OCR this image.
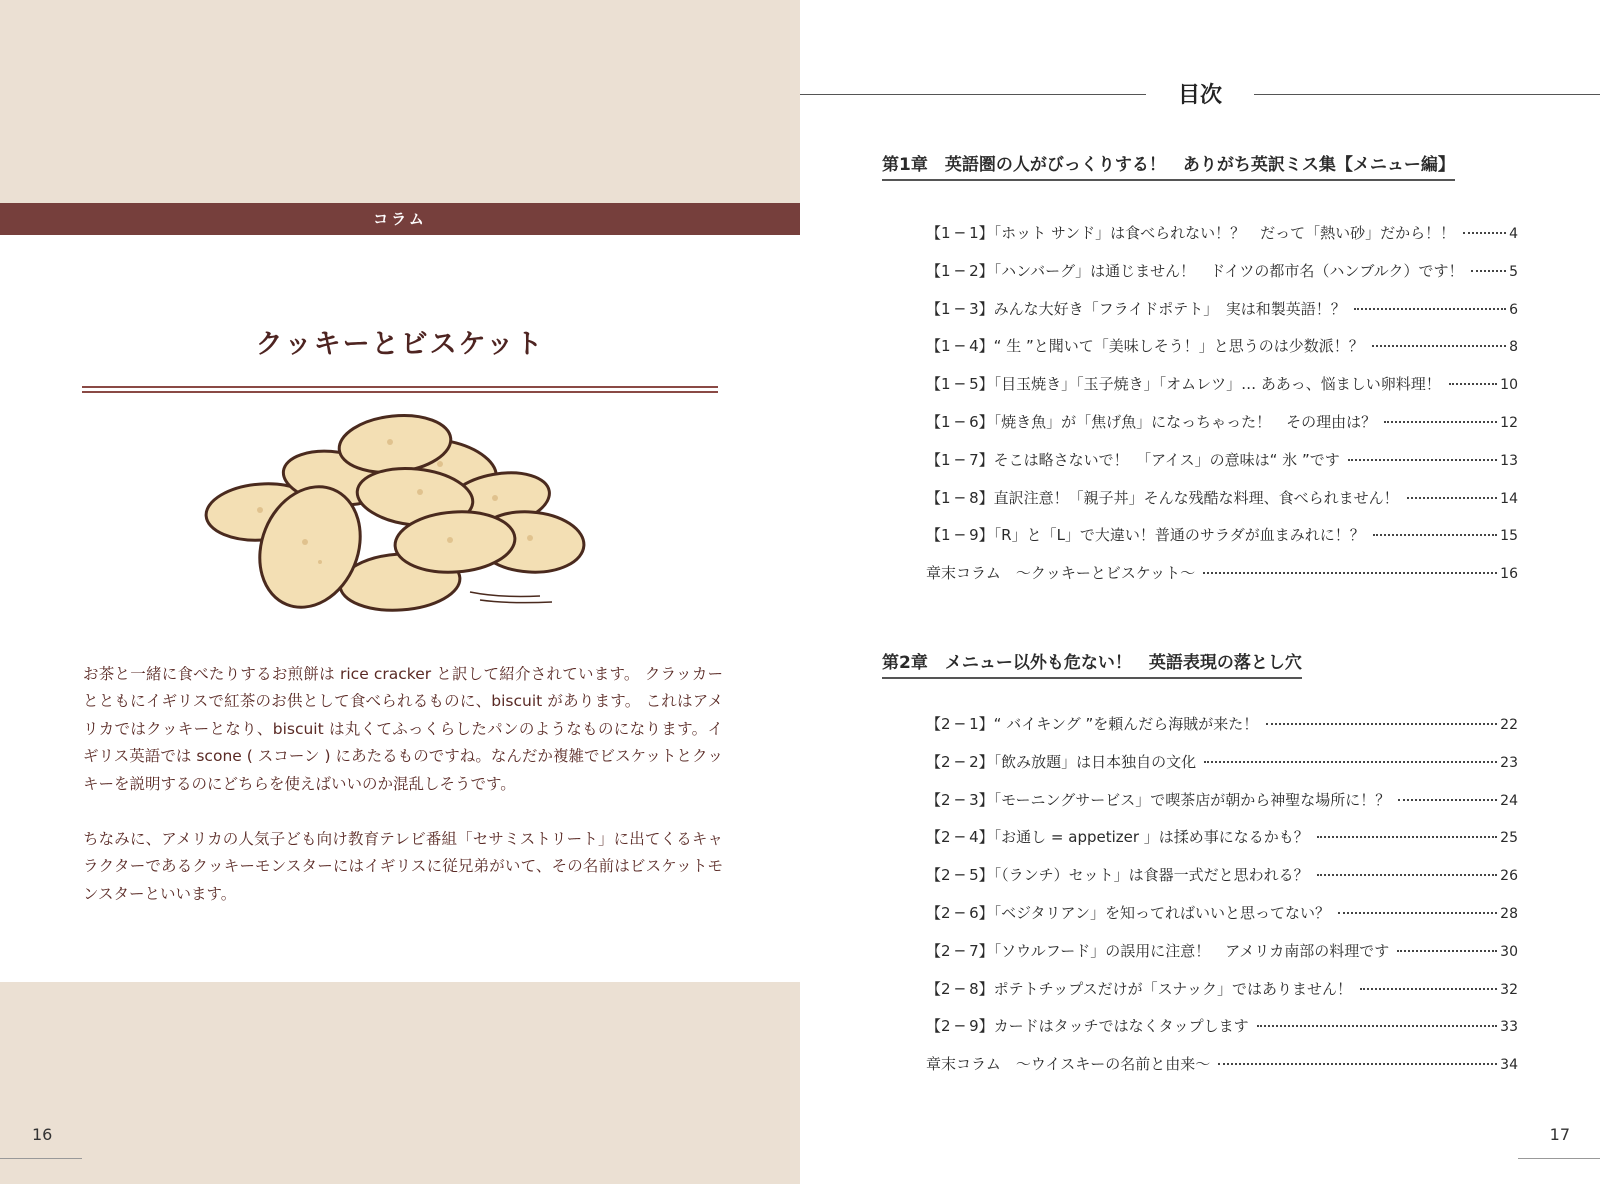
コラム
クッキーとビスケット

お茶と一緒に食べたりするお煎餅は rice cracker と訳して紹介されています。 クラッカーとともにイギリスで紅茶のお供として食べられるものに、biscuit があります。 これはアメリカではクッキーとなり、biscuit は丸くてふっくらしたパンのようなものになります。イギリス英語では scone ( スコーン ) にあたるものですね。なんだか複雑でビスケットとクッキーを説明するのにどちらを使えばいいのか混乱しそうです。

ちなみに、アメリカの人気子ども向け教育テレビ番組「セサミストリート」に出てくるキャラクターであるクッキーモンスターにはイギリスに従兄弟がいて、その名前はビスケットモンスターといいます。

16
目次
第1章　英語圏の人がびっくりする！　ありがち英訳ミス集【メニュー編】
【1 ─ 1】「ホット サンド」は食べられない！？　だって「熱い砂」だから！！	4
【1 ─ 2】「ハンバーグ」は通じません！　ドイツの都市名（ハンブルク）です！	5
【1 ─ 3】みんな大好き「フライドポテト」　実は和製英語！？	6
【1 ─ 4】“ 生 ”と聞いて「美味しそう！」と思うのは少数派！？	8
【1 ─ 5】「目玉焼き」「玉子焼き」「オムレツ」… ああっ、悩ましい卵料理！	10
【1 ─ 6】「焼き魚」が「焦げ魚」になっちゃった！　その理由は？	12
【1 ─ 7】そこは略さないで！　「アイス」の意味は“ 氷 ”です	13
【1 ─ 8】直訳注意！「親子丼」そんな残酷な料理、食べられません！	14
【1 ─ 9】「R」と「L」で大違い！普通のサラダが血まみれに！？	15
章末コラム　～クッキーとビスケット～	16
第2章　メニュー以外も危ない！　英語表現の落とし穴
【2 ─ 1】“ バイキング ”を頼んだら海賊が来た！	22
【2 ─ 2】「飲み放題」は日本独自の文化	23
【2 ─ 3】「モーニングサービス」で喫茶店が朝から神聖な場所に！？	24
【2 ─ 4】「お通し = appetizer 」は揉め事になるかも？	25
【2 ─ 5】「（ランチ）セット」は食器一式だと思われる？	26
【2 ─ 6】「ベジタリアン」を知ってればいいと思ってない？	28
【2 ─ 7】「ソウルフード」の誤用に注意！　アメリカ南部の料理です	30
【2 ─ 8】ポテトチップスだけが「スナック」ではありません！	32
【2 ─ 9】カードはタッチではなくタップします	33
章末コラム　～ウイスキーの名前と由来～	34
17
